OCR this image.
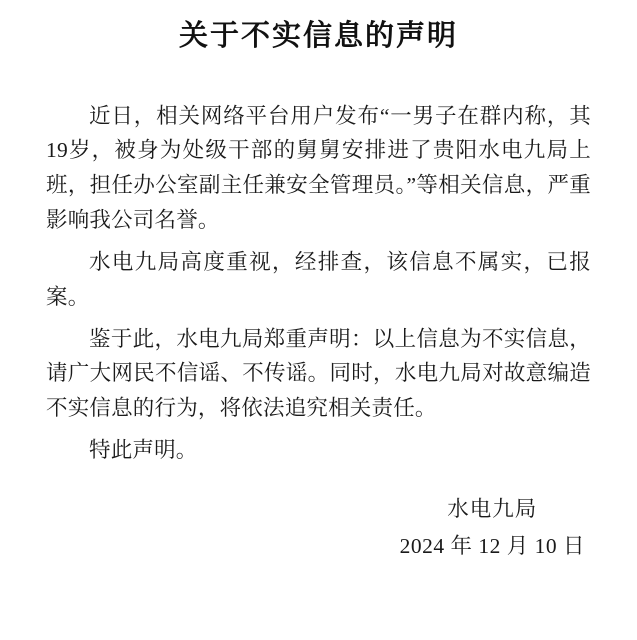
关于不实信息的声明

近日，相关网络平台用户发布“一男子在群内称，其19岁，被身为处级干部的舅舅安排进了贵阳水电九局上班，担任办公室副主任兼安全管理员。”等相关信息，严重影响我公司名誉。

水电九局高度重视，经排查，该信息不属实，已报案。

鉴于此，水电九局郑重声明：以上信息为不实信息，请广大网民不信谣、不传谣。同时，水电九局对故意编造不实信息的行为，将依法追究相关责任。

特此声明。

水电九局
2024 年 12 月 10 日
